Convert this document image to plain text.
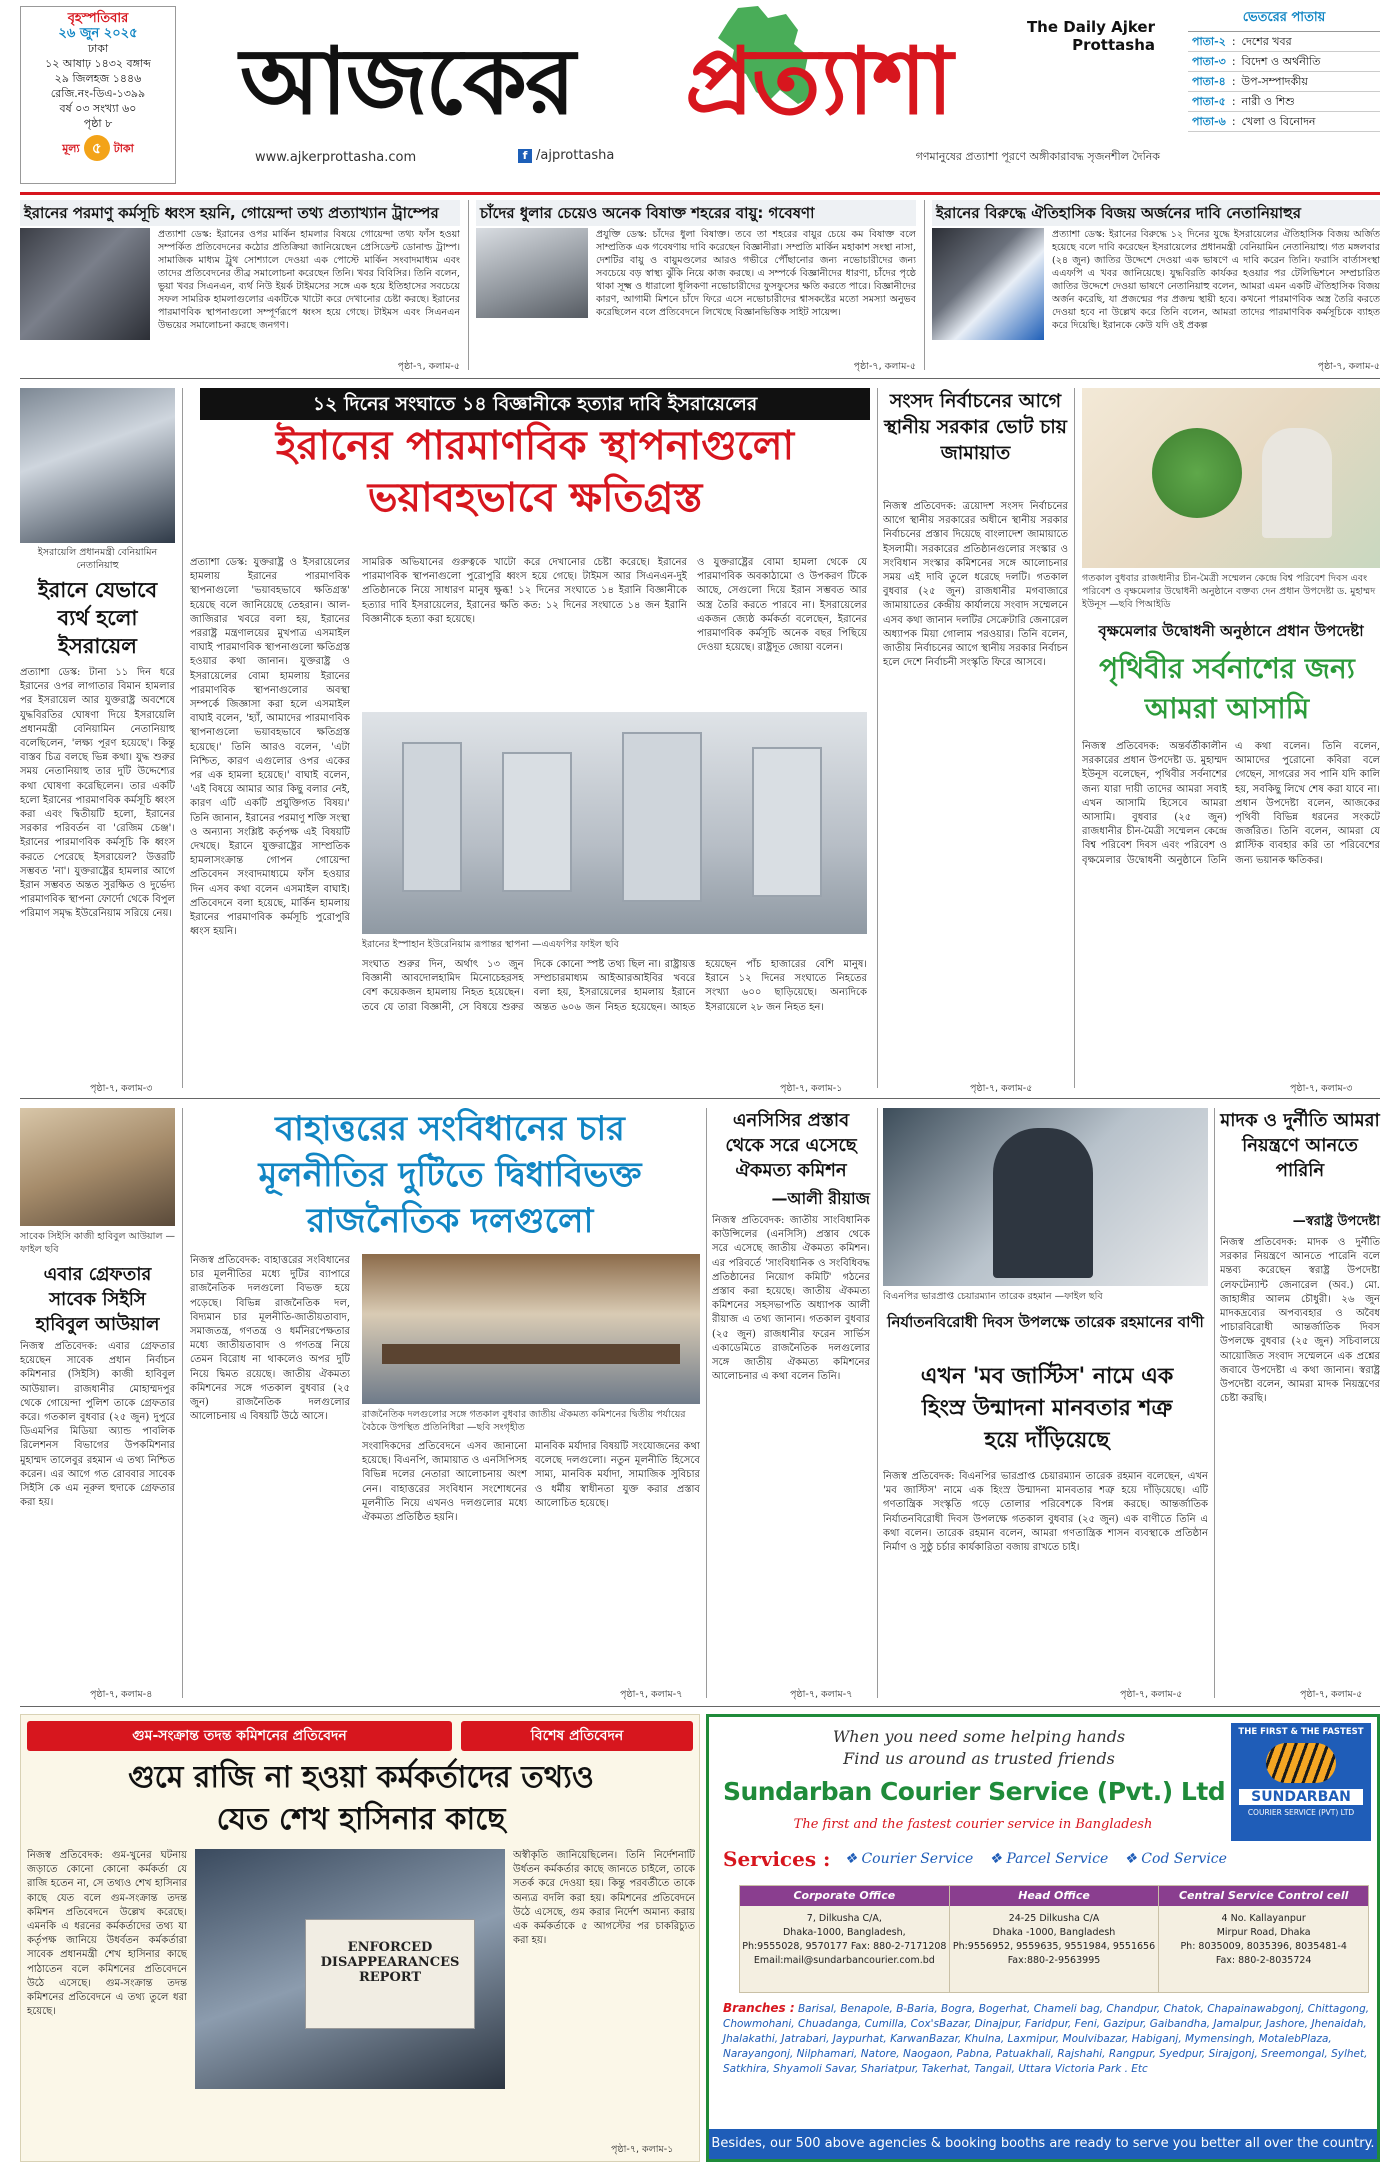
বৃহস্পতিবার
২৬ জুন ২০২৫
ঢাকা
১২ আষাঢ় ১৪৩২ বঙ্গাব্দ
২৯ জিলহজ ১৪৪৬
রেজি.নং-ডিএ-১৩৯৯
বর্ষ ০৩ সংখ্যা ৬০
পৃষ্ঠা ৮
মূল্য ৫	টাকা
আজকের প্রত্যাশা	The Daily Ajker Prottasha
www.ajkerprottasha.com	f /ajprottasha	গণমানুষের প্রত্যাশা পূরণে অঙ্গীকারাবদ্ধ সৃজনশীল দৈনিক
ভেতরের পাতায়
পাতা-২ : দেশের খবর
পাতা-৩ : বিদেশ ও অর্থনীতি
পাতা-৪ : উপ-সম্পাদকীয়
পাতা-৫ : নারী ও শিশু
পাতা-৬ : খেলা ও বিনোদন
ইরানের পরমাণু কর্মসূচি ধ্বংস হয়নি, গোয়েন্দা তথ্য প্রত্যাখ্যান ট্রাম্পের
প্রত্যাশা ডেস্ক: ইরানের ওপর মার্কিন হামলার বিষয়ে গোয়েন্দা তথ্য ফাঁস হওয়া সম্পর্কিত প্রতিবেদনের কঠোর প্রতিক্রিয়া জানিয়েছেন প্রেসিডেন্ট ডোনাল্ড ট্রাম্প। সামাজিক মাধ্যম ট্রুথ সোশ্যালে দেওয়া এক পোস্টে মার্কিন সংবাদমাধ্যম এবং তাদের প্রতিবেদনের তীব্র সমালোচনা করেছেন তিনি। খবর বিবিসির। তিনি বলেন, ভুয়া খবর সিএনএন, ব্যর্থ নিউ ইয়র্ক টাইমসের সঙ্গে এক হয়ে ইতিহাসের সবচেয়ে সফল সামরিক হামলাগুলোর একটিকে খাটো করে দেখানোর চেষ্টা করছে। ইরানের পারমাণবিক স্থাপনাগুলো সম্পূর্ণরূপে ধ্বংস হয়ে গেছে। টাইমস এবং সিএনএন উভয়ের সমালোচনা করছে জনগণ।
পৃষ্ঠা-৭, কলাম-৫
চাঁদের ধুলার চেয়েও অনেক বিষাক্ত শহরের বায়ু: গবেষণা
প্রযুক্তি ডেস্ক: চাঁদের ধুলা বিষাক্ত। তবে তা শহরের বায়ুর চেয়ে কম বিষাক্ত বলে সাম্প্রতিক এক গবেষণায় দাবি করেছেন বিজ্ঞানীরা। সম্প্রতি মার্কিন মহাকাশ সংস্থা নাসা, দেশটির বায়ু ও বায়ুমণ্ডলের আরও গভীরে পৌঁছানোর জন্য নভোচারীদের জন্য সবচেয়ে বড় স্বাস্থ্য ঝুঁকি নিয়ে কাজ করছে। এ সম্পর্কে বিজ্ঞানীদের ধারণা, চাঁদের পৃষ্ঠে থাকা সূক্ষ্ম ও ধারালো ধূলিকণা নভোচারীদের ফুসফুসের ক্ষতি করতে পারে। বিজ্ঞানীদের কারণ, আগামী মিশনে চাঁদে ফিরে এসে নভোচারীদের শ্বাসকষ্টের মতো সমস্যা অনুভব করেছিলেন বলে প্রতিবেদনে লিখেছে বিজ্ঞানভিত্তিক সাইট সায়েন্স।
পৃষ্ঠা-৭, কলাম-৫
ইরানের বিরুদ্ধে ঐতিহাসিক বিজয় অর্জনের দাবি নেতানিয়াহুর
প্রত্যাশা ডেস্ক: ইরানের বিরুদ্ধে ১২ দিনের যুদ্ধে ইসরায়েলের ঐতিহাসিক বিজয় অর্জিত হয়েছে বলে দাবি করেছেন ইসরায়েলের প্রধানমন্ত্রী বেনিয়ামিন নেতানিয়াহু। গত মঙ্গলবার (২৪ জুন) জাতির উদ্দেশে দেওয়া এক ভাষণে এ দাবি করেন তিনি। ফরাসি বার্তাসংস্থা এএফপি এ খবর জানিয়েছে। যুদ্ধবিরতি কার্যকর হওয়ার পর টেলিভিশনে সম্প্রচারিত জাতির উদ্দেশে দেওয়া ভাষণে নেতানিয়াহু বলেন, আমরা এমন একটি ঐতিহাসিক বিজয় অর্জন করেছি, যা প্রজন্মের পর প্রজন্ম স্থায়ী হবে। কখনো পারমাণবিক অস্ত্র তৈরি করতে দেওয়া হবে না উল্লেখ করে তিনি বলেন, আমরা তাদের পারমাণবিক কর্মসূচিকে ব্যাহত করে দিয়েছি। ইরানকে কেউ যদি ওই প্রকল্প
পৃষ্ঠা-৭, কলাম-৫
ইসরায়েলি প্রধানমন্ত্রী বেনিয়ামিন নেতানিয়াহু
ইরানে যেভাবে ব্যর্থ হলো ইসরায়েল
প্রত্যাশা ডেস্ক: টানা ১১ দিন ধরে ইরানের ওপর লাগাতার বিমান হামলার পর ইসরায়েল আর যুক্তরাষ্ট্র অবশেষে যুদ্ধবিরতির ঘোষণা দিয়ে ইসরায়েলি প্রধানমন্ত্রী বেনিয়ামিন নেতানিয়াহু বলেছিলেন, 'লক্ষ্য পূরণ হয়েছে'। কিন্তু বাস্তব চিত্র বলছে ভিন্ন কথা। যুদ্ধ শুরুর সময় নেতানিয়াহু তার দুটি উদ্দেশ্যের কথা ঘোষণা করেছিলেন। তার একটি হলো ইরানের পারমাণবিক কর্মসূচি ধ্বংস করা এবং দ্বিতীয়টি হলো, ইরানের সরকার পরিবর্তন বা 'রেজিম চেঞ্জ'। ইরানের পারমাণবিক কর্মসূচি কি ধ্বংস করতে পেরেছে ইসরায়েল? উত্তরটি সম্ভবত 'না'। যুক্তরাষ্ট্রের হামলার আগে ইরান সম্ভবত অন্তত সুরক্ষিত ও দুর্ভেদ্য পারমাণবিক স্থাপনা ফোর্দো থেকে বিপুল পরিমাণ সমৃদ্ধ ইউরেনিয়াম সরিয়ে নেয়।
পৃষ্ঠা-৭, কলাম-৩
১২ দিনের সংঘাতে ১৪ বিজ্ঞানীকে হত্যার দাবি ইসরায়েলের
ইরানের পারমাণবিক স্থাপনাগুলো
ভয়াবহভাবে ক্ষতিগ্রস্ত
প্রত্যাশা ডেস্ক: যুক্তরাষ্ট্র ও ইসরায়েলের হামলায় ইরানের পারমাণবিক স্থাপনাগুলো 'ভয়াবহভাবে ক্ষতিগ্রস্ত' হয়েছে বলে জানিয়েছে তেহরান। আল-জাজিরার খবরে বলা হয়, ইরানের পররাষ্ট্র মন্ত্রণালয়ের মুখপাত্র এসমাইল বাঘাই পারমাণবিক স্থাপনাগুলো ক্ষতিগ্রস্ত হওয়ার কথা জানান। যুক্তরাষ্ট্র ও ইসরায়েলের বোমা হামলায় ইরানের পারমাণবিক স্থাপনাগুলোর অবস্থা সম্পর্কে জিজ্ঞাসা করা হলে এসমাইল বাঘাই বলেন, 'হ্যাঁ, আমাদের পারমাণবিক স্থাপনাগুলো ভয়াবহভাবে ক্ষতিগ্রস্ত হয়েছে।' তিনি আরও বলেন, 'এটা নিশ্চিত, কারণ এগুলোর ওপর একের পর এক হামলা হয়েছে।' বাঘাই বলেন, 'এই বিষয়ে আমার আর কিছু বলার নেই, কারণ এটি একটি প্রযুক্তিগত বিষয়।' তিনি জানান, ইরানের পরমাণু শক্তি সংস্থা ও অন্যান্য সংশ্লিষ্ট কর্তৃপক্ষ এই বিষয়টি দেখছে। ইরানে যুক্তরাষ্ট্রের সাম্প্রতিক হামলাসংক্রান্ত গোপন গোয়েন্দা প্রতিবেদন সংবাদমাধ্যমে ফাঁস হওয়ার দিন এসব কথা বলেন এসমাইল বাঘাই। প্রতিবেদনে বলা হয়েছে, মার্কিন হামলায় ইরানের পারমাণবিক কর্মসূচি পুরোপুরি ধ্বংস হয়নি।
সামরিক অভিযানের গুরুত্বকে খাটো করে দেখানোর চেষ্টা করেছে। ইরানের পারমাণবিক স্থাপনাগুলো পুরোপুরি ধ্বংস হয়ে গেছে। টাইমস আর সিএনএন-দুই প্রতিষ্ঠানকে নিয়ে সাধারণ মানুষ ক্ষুব্ধ! ১২ দিনের সংঘাতে ১৪ ইরানি বিজ্ঞানীকে হত্যার দাবি ইসরায়েলের, ইরানের ক্ষতি কত: ১২ দিনের সংঘাতে ১৪ জন ইরানি বিজ্ঞানীকে হত্যা করা হয়েছে।
ও যুক্তরাষ্ট্রের বোমা হামলা থেকে যে পারমাণবিক অবকাঠামো ও উপকরণ টিকে আছে, সেগুলো দিয়ে ইরান সম্ভবত আর অস্ত্র তৈরি করতে পারবে না। ইসরায়েলের একজন জ্যেষ্ঠ কর্মকর্তা বলেছেন, ইরানের পারমাণবিক কর্মসূচি অনেক বছর পিছিয়ে দেওয়া হয়েছে। রাষ্ট্রদূত জোয়া বলেন।
ইরানের ইস্পাহান ইউরেনিয়াম রূপান্তর স্থাপনা —এএফপির ফাইল ছবি
সংঘাত শুরুর দিন, অর্থাৎ ১৩ জুন বিজ্ঞানী আবদোলহামিদ মিনোচেহরসহ বেশ কয়েকজন হামলায় নিহত হয়েছেন। তবে যে তারা বিজ্ঞানী, সে বিষয়ে শুরুর দিকে কোনো স্পষ্ট তথ্য ছিল না। রাষ্ট্রায়ত্ত সম্প্রচারমাধ্যম আইআরআইবির খবরে বলা হয়, ইসরায়েলের হামলায় ইরানে অন্তত ৬০৬ জন নিহত হয়েছেন। আহত হয়েছেন পাঁচ হাজারের বেশি মানুষ। ইরানে ১২ দিনের সংঘাতে নিহতের সংখ্যা ৬০০ ছাড়িয়েছে। অন্যদিকে ইসরায়েলে ২৮ জন নিহত হন।
পৃষ্ঠা-৭, কলাম-১
সংসদ নির্বাচনের আগে স্থানীয় সরকার ভোট চায় জামায়াত
নিজস্ব প্রতিবেদক: ত্রয়োদশ সংসদ নির্বাচনের আগে স্থানীয় সরকারের অধীনে স্থানীয় সরকার নির্বাচনের প্রস্তাব দিয়েছে বাংলাদেশ জামায়াতে ইসলামী। সরকারের প্রতিষ্ঠানগুলোর সংস্কার ও সংবিধান সংস্কার কমিশনের সঙ্গে আলোচনার সময় এই দাবি তুলে ধরেছে দলটি। গতকাল বুধবার (২৫ জুন) রাজধানীর মগবাজারে জামায়াতের কেন্দ্রীয় কার্যালয়ে সংবাদ সম্মেলনে এসব কথা জানান দলটির সেক্রেটারি জেনারেল অধ্যাপক মিয়া গোলাম পরওয়ার। তিনি বলেন, জাতীয় নির্বাচনের আগে স্থানীয় সরকার নির্বাচন হলে দেশে নির্বাচনী সংস্কৃতি ফিরে আসবে।
পৃষ্ঠা-৭, কলাম-৫
গতকাল বুধবার রাজধানীর চীন-মৈত্রী সম্মেলন কেন্দ্রে বিশ্ব পরিবেশ দিবস এবং পরিবেশ ও বৃক্ষমেলার উদ্বোধনী অনুষ্ঠানে বক্তব্য দেন প্রধান উপদেষ্টা ড. মুহাম্মদ ইউনূস —ছবি পিআইডি
বৃক্ষমেলার উদ্বোধনী অনুষ্ঠানে প্রধান উপদেষ্টা
পৃথিবীর সর্বনাশের জন্য
আমরা আসামি
নিজস্ব প্রতিবেদক: অন্তর্বর্তীকালীন সরকারের প্রধান উপদেষ্টা ড. মুহাম্মদ ইউনূস বলেছেন, পৃথিবীর সর্বনাশের জন্য যারা দায়ী তাদের আমরা সবাই এখন আসামি হিসেবে আমরা আসামি। বুধবার (২৫ জুন) রাজধানীর চীন-মৈত্রী সম্মেলন কেন্দ্রে বিশ্ব পরিবেশ দিবস এবং পরিবেশ ও বৃক্ষমেলার উদ্বোধনী অনুষ্ঠানে তিনি এ কথা বলেন। তিনি বলেন, আমাদের পুরোনো কবিরা বলে গেছেন, সাগরের সব পানি যদি কালি হয়, সবকিছু লিখে শেষ করা যাবে না। প্রধান উপদেষ্টা বলেন, আজকের পৃথিবী বিভিন্ন ধরনের সংকটে জর্জরিত। তিনি বলেন, আমরা যে প্লাস্টিক ব্যবহার করি তা পরিবেশের জন্য ভয়ানক ক্ষতিকর।
পৃষ্ঠা-৭, কলাম-৩
সাবেক সিইসি কাজী হাবিবুল আউয়াল —ফাইল ছবি
এবার গ্রেফতার সাবেক সিইসি হাবিবুল আউয়াল
নিজস্ব প্রতিবেদক: এবার গ্রেফতার হয়েছেন সাবেক প্রধান নির্বাচন কমিশনার (সিইসি) কাজী হাবিবুল আউয়াল। রাজধানীর মোহাম্মদপুর থেকে গোয়েন্দা পুলিশ তাকে গ্রেফতার করে। গতকাল বুধবার (২৫ জুন) দুপুরে ডিএমপির মিডিয়া অ্যান্ড পাবলিক রিলেশনস বিভাগের উপকমিশনার মুহাম্মদ তালেবুর রহমান এ তথ্য নিশ্চিত করেন। এর আগে গত রোববার সাবেক সিইসি কে এম নূরুল হুদাকে গ্রেফতার করা হয়।
পৃষ্ঠা-৭, কলাম-৪
বাহাত্তরের সংবিধানের চার
মূলনীতির দুটিতে দ্বিধাবিভক্ত
রাজনৈতিক দলগুলো
নিজস্ব প্রতিবেদক: বাহাত্তরের সংবিধানের চার মূলনীতির মধ্যে দুটির ব্যাপারে রাজনৈতিক দলগুলো বিভক্ত হয়ে পড়েছে। বিভিন্ন রাজনৈতিক দল, বিদ্যমান চার মূলনীতি-জাতীয়তাবাদ, সমাজতন্ত্র, গণতন্ত্র ও ধর্মনিরপেক্ষতার মধ্যে জাতীয়তাবাদ ও গণতন্ত্র নিয়ে তেমন বিরোধ না থাকলেও অপর দুটি নিয়ে দ্বিমত রয়েছে। জাতীয় ঐকমত্য কমিশনের সঙ্গে গতকাল বুধবার (২৫ জুন) রাজনৈতিক দলগুলোর আলোচনায় এ বিষয়টি উঠে আসে।	রাজনৈতিক দলগুলোর সঙ্গে গতকাল বুধবার জাতীয় ঐকমত্য কমিশনের দ্বিতীয় পর্যায়ের বৈঠকে উপস্থিত প্রতিনিধিরা —ছবি সংগৃহীত
সংবাদিকদের প্রতিবেদনে এসব জানানো হয়েছে। বিএনপি, জামায়াত ও এনসিপিসহ বিভিন্ন দলের নেতারা আলোচনায় অংশ নেন। বাহাত্তরের সংবিধান সংশোধনের মূলনীতি নিয়ে এখনও দলগুলোর মধ্যে ঐকমত্য প্রতিষ্ঠিত হয়নি।
মানবিক মর্যাদার বিষয়টি সংযোজনের কথা বলেছে দলগুলো। নতুন মূলনীতি হিসেবে সাম্য, মানবিক মর্যাদা, সামাজিক সুবিচার ও ধর্মীয় স্বাধীনতা যুক্ত করার প্রস্তাব আলোচিত হয়েছে।
পৃষ্ঠা-৭, কলাম-৭
এনসিসির প্রস্তাব থেকে সরে এসেছে ঐকমত্য কমিশন
—আলী রীয়াজ
নিজস্ব প্রতিবেদক: জাতীয় সাংবিধানিক কাউন্সিলের (এনসিসি) প্রস্তাব থেকে সরে এসেছে জাতীয় ঐকমত্য কমিশন। এর পরিবর্তে 'সাংবিধানিক ও সংবিধিবদ্ধ প্রতিষ্ঠানের নিয়োগ কমিটি' গঠনের প্রস্তাব করা হয়েছে। জাতীয় ঐকমত্য কমিশনের সহসভাপতি অধ্যাপক আলী রীয়াজ এ তথ্য জানান। গতকাল বুধবার (২৫ জুন) রাজধানীর ফরেন সার্ভিস একাডেমিতে রাজনৈতিক দলগুলোর সঙ্গে জাতীয় ঐকমত্য কমিশনের আলোচনার এ কথা বলেন তিনি।
পৃষ্ঠা-৭, কলাম-৭
বিএনপির ভারপ্রাপ্ত চেয়ারম্যান তারেক রহমান —ফাইল ছবি
নির্যাতনবিরোধী দিবস উপলক্ষে তারেক রহমানের বাণী
এখন 'মব জাস্টিস' নামে এক
হিংস্র উন্মাদনা মানবতার শত্রু
হয়ে দাঁড়িয়েছে
নিজস্ব প্রতিবেদক: বিএনপির ভারপ্রাপ্ত চেয়ারম্যান তারেক রহমান বলেছেন, এখন 'মব জাস্টিস' নামে এক হিংস্র উন্মাদনা মানবতার শত্রু হয়ে দাঁড়িয়েছে। এটি গণতান্ত্রিক সংস্কৃতি গড়ে তোলার পরিবেশকে বিপন্ন করছে। আন্তর্জাতিক নির্যাতনবিরোধী দিবস উপলক্ষে গতকাল বুধবার (২৫ জুন) এক বাণীতে তিনি এ কথা বলেন। তারেক রহমান বলেন, আমরা গণতান্ত্রিক শাসন ব্যবস্থাকে প্রতিষ্ঠান নির্মাণ ও সুষ্ঠু চর্চার কার্যকারিতা বজায় রাখতে চাই।
পৃষ্ঠা-৭, কলাম-৫
মাদক ও দুর্নীতি আমরা নিয়ন্ত্রণে আনতে পারিনি
—স্বরাষ্ট্র উপদেষ্টা
নিজস্ব প্রতিবেদক: মাদক ও দুর্নীতি সরকার নিয়ন্ত্রণে আনতে পারেনি বলে মন্তব্য করেছেন স্বরাষ্ট্র উপদেষ্টা লেফটেন্যান্ট জেনারেল (অব.) মো. জাহাঙ্গীর আলম চৌধুরী। ২৬ জুন মাদকদ্রব্যের অপব্যবহার ও অবৈধ পাচারবিরোধী আন্তর্জাতিক দিবস উপলক্ষে বুধবার (২৫ জুন) সচিবালয়ে আয়োজিত সংবাদ সম্মেলনে এক প্রশ্নের জবাবে উপদেষ্টা এ কথা জানান। স্বরাষ্ট্র উপদেষ্টা বলেন, আমরা মাদক নিয়ন্ত্রণের চেষ্টা করছি।
পৃষ্ঠা-৭, কলাম-৫
গুম-সংক্রান্ত তদন্ত কমিশনের প্রতিবেদন	বিশেষ প্রতিবেদন
গুমে রাজি না হওয়া কর্মকর্তাদের তথ্যও
যেত শেখ হাসিনার কাছে
নিজস্ব প্রতিবেদক: গুম-খুনের ঘটনায় জড়াতে কোনো কোনো কর্মকর্তা যে রাজি হতেন না, সে তথ্যও শেখ হাসিনার কাছে যেত বলে গুম-সংক্রান্ত তদন্ত কমিশন প্রতিবেদনে উল্লেখ করেছে। এমনকি এ ধরনের কর্মকর্তাদের তথ্য যা কর্তৃপক্ষ জানিয়ে উধর্বতন কর্মকর্তারা সাবেক প্রধানমন্ত্রী শেখ হাসিনার কাছে পাঠাতেন বলে কমিশনের প্রতিবেদনে উঠে এসেছে। গুম-সংক্রান্ত তদন্ত কমিশনের প্রতিবেদনে এ তথ্য তুলে ধরা হয়েছে।
ENFORCED
DISAPPEARANCES
REPORT
অস্বীকৃতি জানিয়েছিলেন। তিনি নির্দেশনাটি উর্ধতন কর্মকর্তার কাছে জানতে চাইলে, তাকে সতর্ক করে দেওয়া হয়। কিন্তু পরবর্তীতে তাকে অন্যত্র বদলি করা হয়। কমিশনের প্রতিবেদনে উঠে এসেছে, গুম করার নির্দেশ অমান্য করায় এক কর্মকর্তাকে ৫ আগস্টের পর চাকরিচ্যুত করা হয়।
পৃষ্ঠা-৭, কলাম-১
When you need some helping hands
Find us around as trusted friends
Sundarban Courier Service (Pvt.) Ltd
The first and the fastest courier service in Bangladesh
THE FIRST & THE FASTEST
SUNDARBAN
COURIER SERVICE (PVT) LTD
Services : ❖ Courier Service ❖ Parcel Service ❖ Cod Service
Corporate Office
7, Dilkusha C/A,
Dhaka-1000, Bangladesh,
Ph:9555028, 9570177 Fax: 880-2-7171208
Email:mail@sundarbancourier.com.bd
Head Office
24-25 Dilkusha C/A
Dhaka -1000, Bangladesh
Ph:9556952, 9559635, 9551984, 9551656
Fax:880-2-9563995
Central Service Control cell
4 No. Kallayanpur
Mirpur Road, Dhaka
Ph: 8035009, 8035396, 8035481-4
Fax: 880-2-8035724
Branches : Barisal, Benapole, B-Baria, Bogra, Bogerhat, Chameli bag, Chandpur, Chatok, Chapainawabgonj, Chittagong, Chowmohani, Chuadanga, Cumilla, Cox'sBazar, Dinajpur, Faridpur, Feni, Gazipur, Gaibandha, Jamalpur, Jashore, Jhenaidah, Jhalakathi, Jatrabari, Jaypurhat, KarwanBazar, Khulna, Laxmipur, Moulvibazar, Habiganj, Mymensingh, MotalebPlaza, Narayangonj, Nilphamari, Natore, Naogaon, Pabna, Patuakhali, Rajshahi, Rangpur, Syedpur, Sirajgonj, Sreemongal, Sylhet, Satkhira, Shyamoli Savar, Shariatpur, Takerhat, Tangail, Uttara Victoria Park . Etc
Besides, our 500 above agencies & booking booths are ready to serve you better all over the country.
